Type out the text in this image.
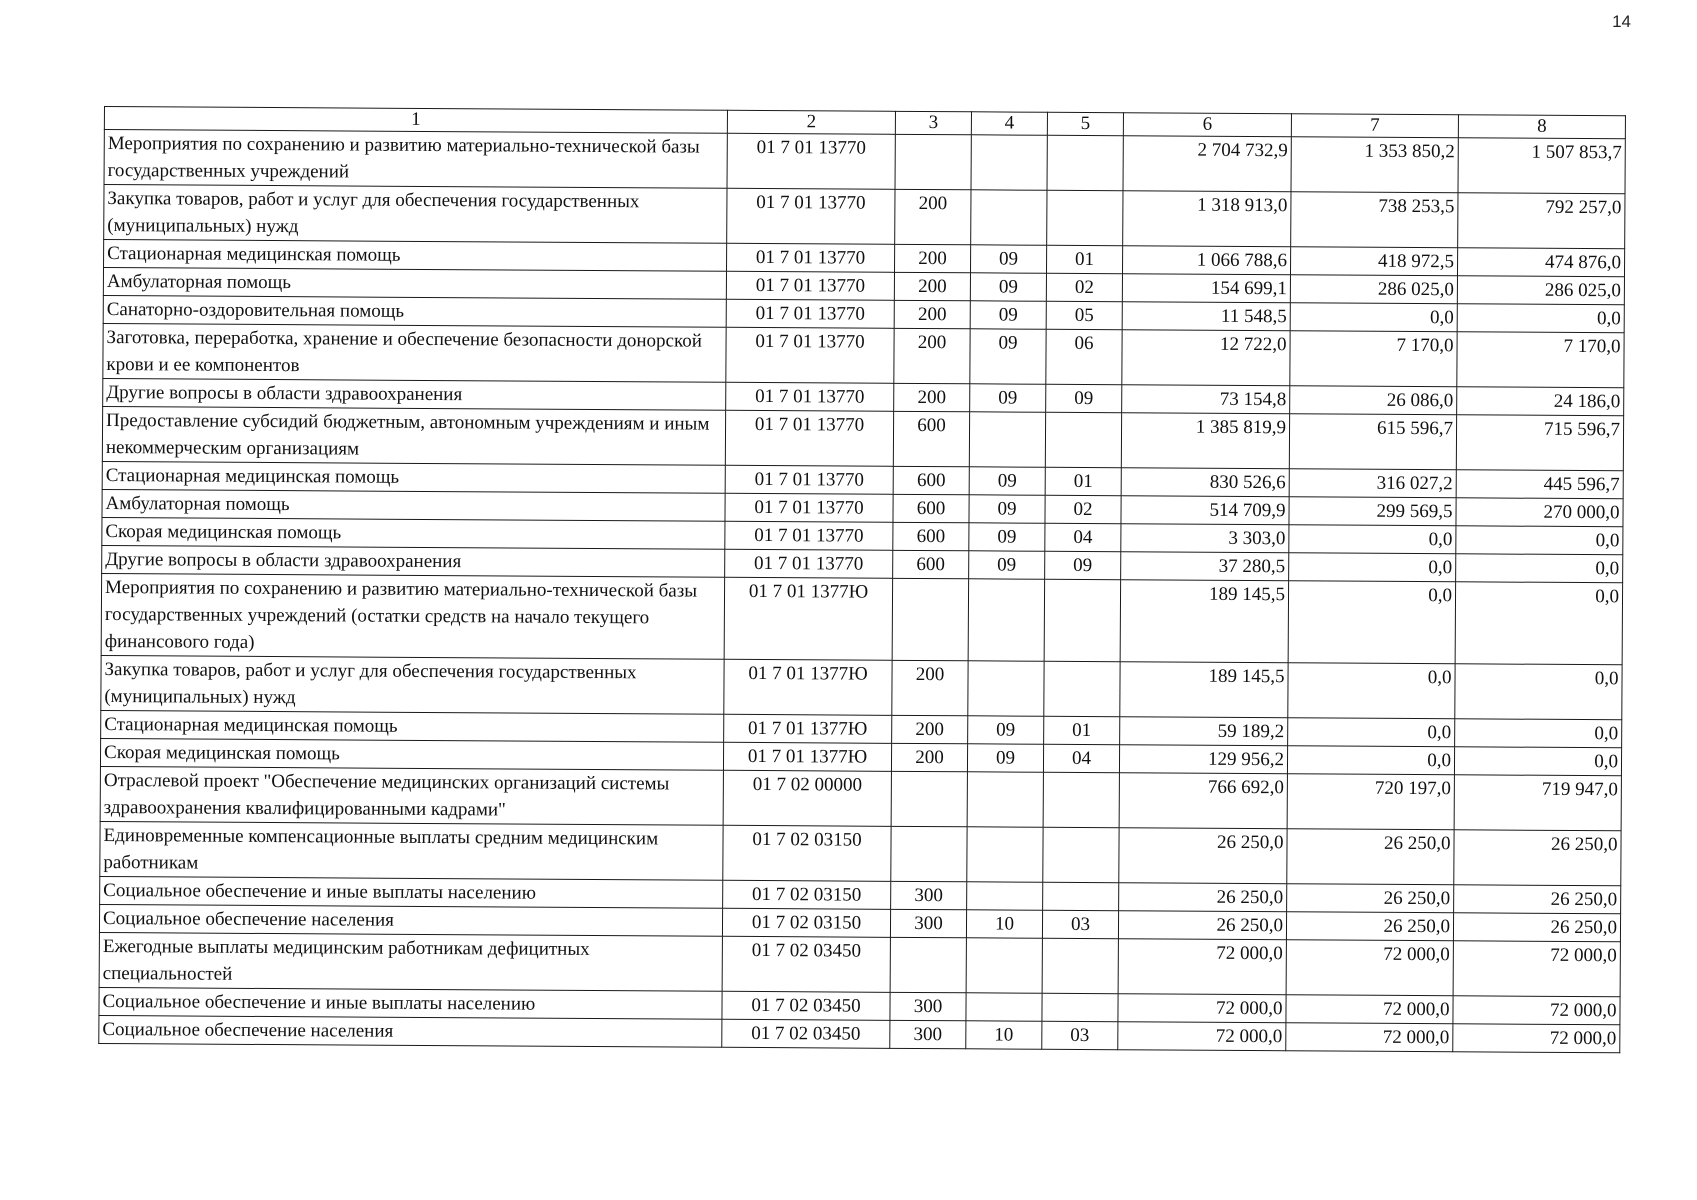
14
1	2	3	4	5	6	7	8
Мероприятия по сохранению и развитию материально-технической базы государственных учреждений	01 7 01 13770				2 704 732,9	1 353 850,2	1 507 853,7
Закупка товаров, работ и услуг для обеспечения государственных (муниципальных) нужд	01 7 01 13770	200			1 318 913,0	738 253,5	792 257,0
Стационарная медицинская помощь	01 7 01 13770	200	09	01	1 066 788,6	418 972,5	474 876,0
Амбулаторная помощь	01 7 01 13770	200	09	02	154 699,1	286 025,0	286 025,0
Санаторно-оздоровительная помощь	01 7 01 13770	200	09	05	11 548,5	0,0	0,0
Заготовка, переработка, хранение и обеспечение безопасности донорской крови и ее компонентов	01 7 01 13770	200	09	06	12 722,0	7 170,0	7 170,0
Другие вопросы в области здравоохранения	01 7 01 13770	200	09	09	73 154,8	26 086,0	24 186,0
Предоставление субсидий бюджетным, автономным учреждениям и иным некоммерческим организациям	01 7 01 13770	600			1 385 819,9	615 596,7	715 596,7
Стационарная медицинская помощь	01 7 01 13770	600	09	01	830 526,6	316 027,2	445 596,7
Амбулаторная помощь	01 7 01 13770	600	09	02	514 709,9	299 569,5	270 000,0
Скорая медицинская помощь	01 7 01 13770	600	09	04	3 303,0	0,0	0,0
Другие вопросы в области здравоохранения	01 7 01 13770	600	09	09	37 280,5	0,0	0,0
Мероприятия по сохранению и развитию материально-технической базы государственных учреждений (остатки средств на начало текущего финансового года)	01 7 01 1377Ю				189 145,5	0,0	0,0
Закупка товаров, работ и услуг для обеспечения государственных (муниципальных) нужд	01 7 01 1377Ю	200			189 145,5	0,0	0,0
Стационарная медицинская помощь	01 7 01 1377Ю	200	09	01	59 189,2	0,0	0,0
Скорая медицинская помощь	01 7 01 1377Ю	200	09	04	129 956,2	0,0	0,0
Отраслевой проект "Обеспечение медицинских организаций системы здравоохранения квалифицированными кадрами"	01 7 02 00000				766 692,0	720 197,0	719 947,0
Единовременные компенсационные выплаты средним медицинским работникам	01 7 02 03150				26 250,0	26 250,0	26 250,0
Социальное обеспечение и иные выплаты населению	01 7 02 03150	300			26 250,0	26 250,0	26 250,0
Социальное обеспечение населения	01 7 02 03150	300	10	03	26 250,0	26 250,0	26 250,0
Ежегодные выплаты медицинским работникам дефицитных специальностей	01 7 02 03450				72 000,0	72 000,0	72 000,0
Социальное обеспечение и иные выплаты населению	01 7 02 03450	300			72 000,0	72 000,0	72 000,0
Социальное обеспечение населения	01 7 02 03450	300	10	03	72 000,0	72 000,0	72 000,0
